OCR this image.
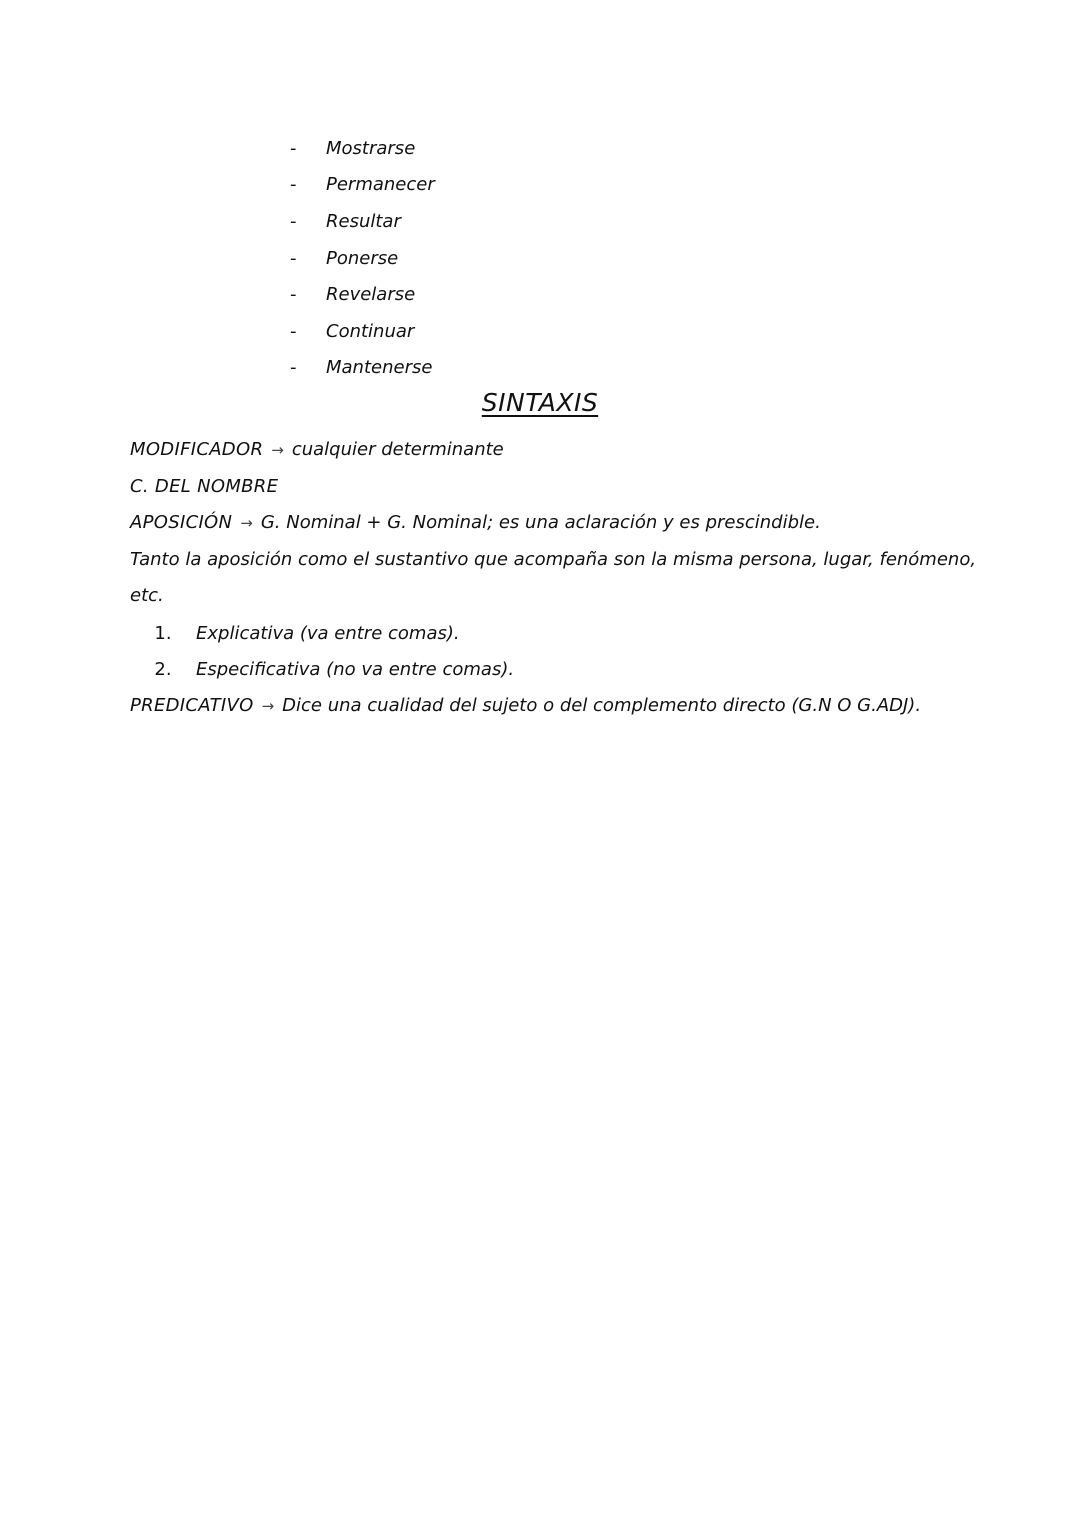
-	Mostrarse
-	Permanecer
-	Resultar
-	Ponerse
-	Revelarse
-	Continuar
-	Mantenerse
SINTAXIS
MODIFICADOR → cualquier determinante
C. DEL NOMBRE
APOSICIÓN → G. Nominal + G. Nominal; es una aclaración y es prescindible.
Tanto la aposición como el sustantivo que acompaña son la misma persona, lugar, fenómeno,
etc.
1.	Explicativa (va entre comas).
2.	Especificativa (no va entre comas).
PREDICATIVO → Dice una cualidad del sujeto o del complemento directo (G.N O G.ADJ).
